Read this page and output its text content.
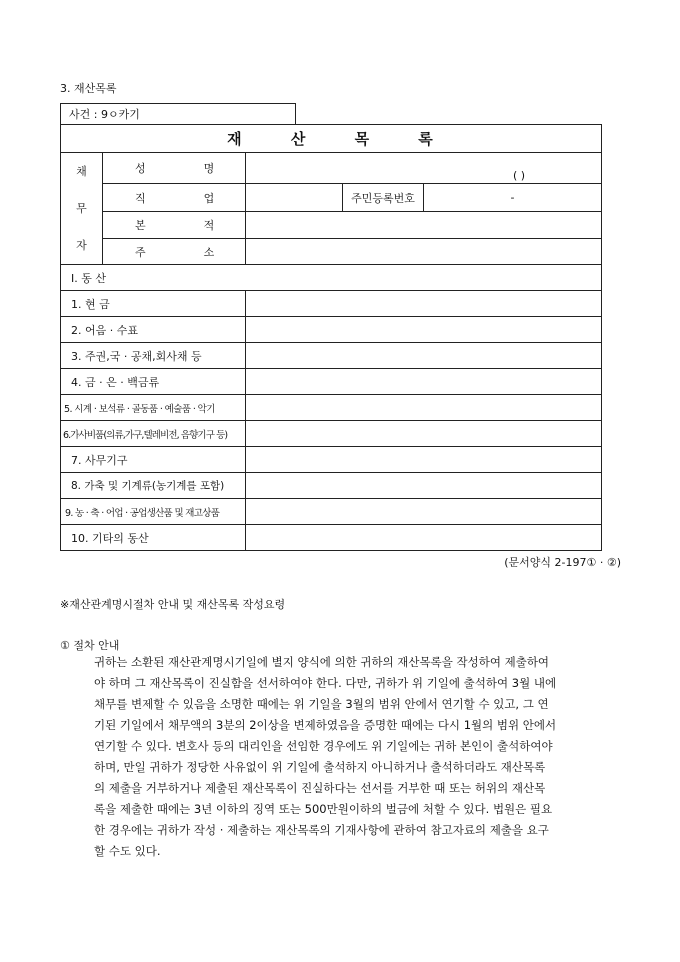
3. 재산목록
사건 : 9ㅇ카기
재 산 목 록				

채
무
자	성 명	( )		

	직 업		주민등록번호	-
	본 적			
	주 소			
I. 동 산				
1. 현 금				
2. 어음 · 수표				
3. 주권,국 · 공채,회사채 등				
4. 금 · 은 · 백금류				
5. 시계 · 보석류 · 골동품 · 예술품 · 악기				
6.가사비품(의류,가구,텔레비전, 음향기구 등)				
7. 사무기구				
8. 가축 및 기계류(농기계를 포함)				
9. 농 · 축 · 어업 · 공업생산품 및 재고상품				
10. 기타의 동산				
(문서양식 2-197① · ②)
※재산관계명시절차 안내 및 재산목록 작성요령
① 절차 안내
귀하는 소환된 재산관계명시기일에 별지 양식에 의한 귀하의 재산목록을 작성하여 제출하여
야 하며 그 재산목록이 진실함을 선서하여야 한다. 다만, 귀하가 위 기일에 출석하여 3월 내에
채무를 변제할 수 있음을 소명한 때에는 위 기일을 3월의 범위 안에서 연기할 수 있고, 그 연
기된 기일에서 채무액의 3분의 2이상을 변제하였음을 증명한 때에는 다시 1월의 범위 안에서
연기할 수 있다. 변호사 등의 대리인을 선임한 경우에도 위 기일에는 귀하 본인이 출석하여야
하며, 만일 귀하가 정당한 사유없이 위 기일에 출석하지 아니하거나 출석하더라도 재산목록
의 제출을 거부하거나 제출된 재산목록이 진실하다는 선서를 거부한 때 또는 허위의 재산목
록을 제출한 때에는 3년 이하의 징역 또는 500만원이하의 벌금에 처할 수 있다. 법원은 필요
한 경우에는 귀하가 작성 · 제출하는 재산목록의 기재사항에 관하여 참고자료의 제출을 요구
할 수도 있다.
